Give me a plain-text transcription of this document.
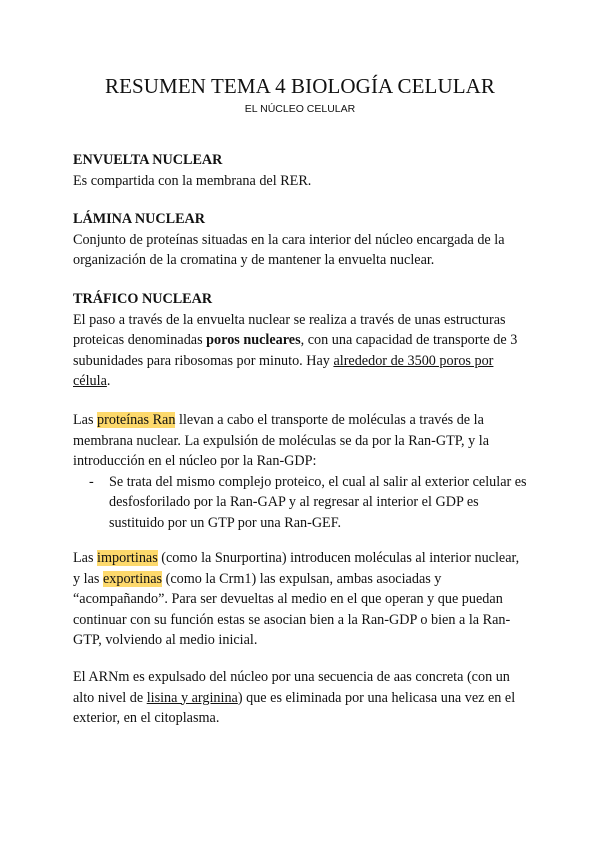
RESUMEN TEMA 4 BIOLOGÍA CELULAR
EL NÚCLEO CELULAR
ENVUELTA NUCLEAR

Es compartida con la membrana del RER.

LÁMINA NUCLEAR

Conjunto de proteínas situadas en la cara interior del núcleo encargada de la organización de la cromatina y de mantener la envuelta nuclear.

TRÁFICO NUCLEAR

El paso a través de la envuelta nuclear se realiza a través de unas estructuras proteicas denominadas poros nucleares, con una capacidad de transporte de 3 subunidades para ribosomas por minuto. Hay alrededor de 3500 poros por célula.

Las proteínas Ran llevan a cabo el transporte de moléculas a través de la membrana nuclear. La expulsión de moléculas se da por la Ran-GTP, y la introducción en el núcleo por la Ran-GDP:

- Se trata del mismo complejo proteico, el cual al salir al exterior celular es desfosforilado por la Ran-GAP y al regresar al interior el GDP es sustituido por un GTP por una Ran-GEF.

Las importinas (como la Snurportina) introducen moléculas al interior nuclear, y las exportinas (como la Crm1) las expulsan, ambas asociadas y “acompañando”. Para ser devueltas al medio en el que operan y que puedan continuar con su función estas se asocian bien a la Ran-GDP o bien a la Ran-GTP, volviendo al medio inicial.

El ARNm es expulsado del núcleo por una secuencia de aas concreta (con un alto nivel de lisina y arginina) que es eliminada por una helicasa una vez en el exterior, en el citoplasma.
